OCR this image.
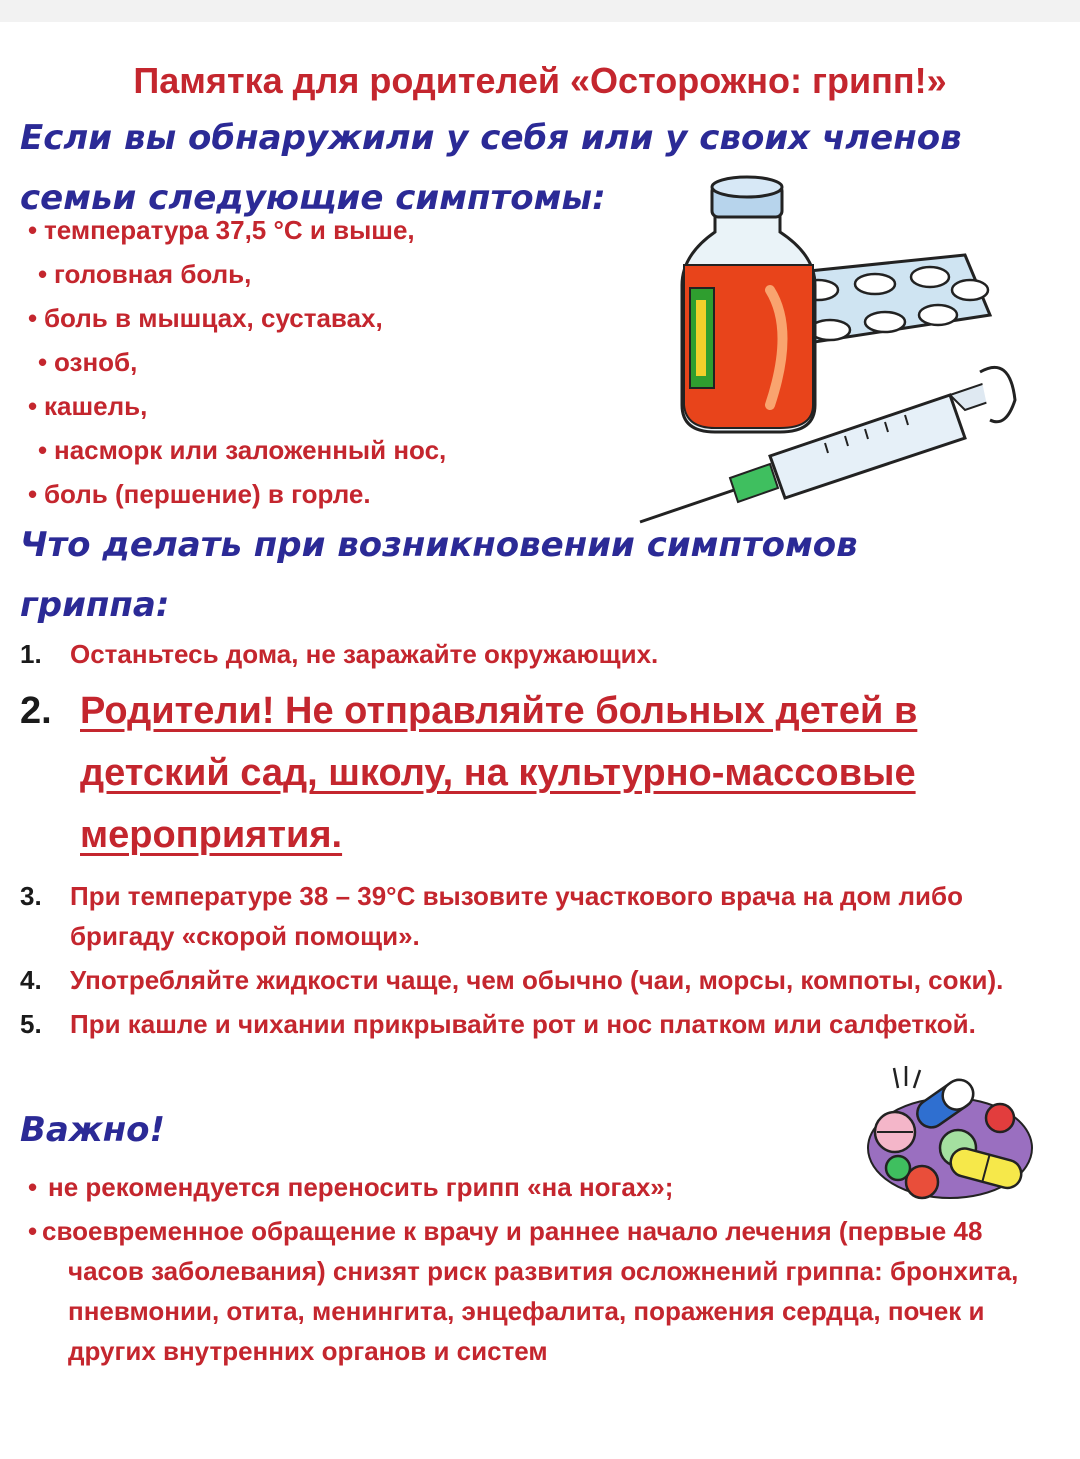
Памятка для родителей «Осторожно: грипп!»
Если вы обнаружили у себя или у своих членов
семьи следующие симптомы:
• температура 37,5 °С и выше,
• головная боль,
• боль в мышцах, суставах,
• озноб,
• кашель,
• насморк или заложенный нос,
• боль (першение) в горле.
Что делать при возникновении симптомов
гриппа:
1. Останьтесь дома, не заражайте окружающих.
2. Родители! Не отправляйте больных детей в детский сад, школу, на культурно-массовые мероприятия.
3. При температуре 38 – 39°С вызовите участкового врача на дом либо бригаду «скорой помощи».
4. Употребляйте жидкости чаще, чем обычно (чаи, морсы, компоты, соки).
5. При кашле и чихании прикрывайте рот и нос платком или салфеткой.
Важно!
• не рекомендуется переносить грипп «на ногах»;
• своевременное обращение к врачу и раннее начало лечения (первые 48 часов заболевания) снизят риск развития осложнений гриппа: бронхита, пневмонии, отита, менингита, энцефалита, поражения сердца, почек и других внутренних органов и систем
